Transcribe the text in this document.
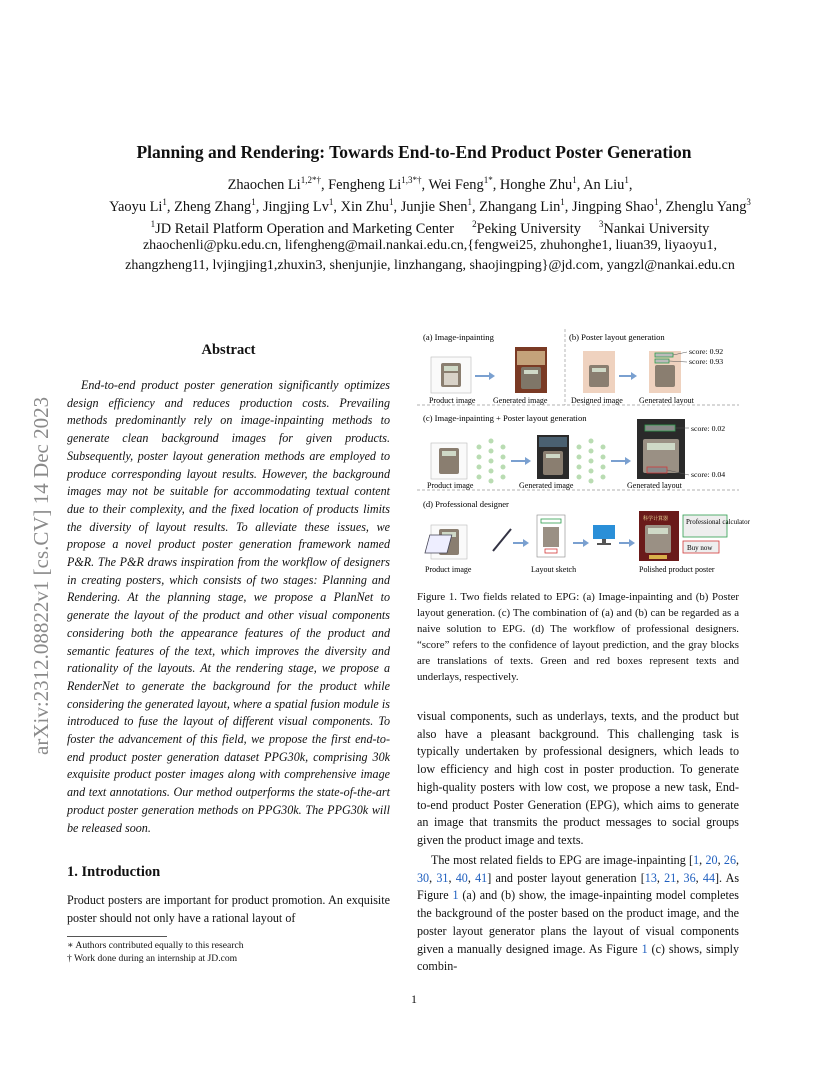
arXiv:2312.08822v1 [cs.CV] 14 Dec 2023
Planning and Rendering: Towards End-to-End Product Poster Generation
Zhaochen $Li^{1,2*\dagger}$, Fengheng $Li^{1,3*\dagger}$, Wei Feng$^{1*}$, Honghe Zhu$^1$, An Liu$^1$,
Yaoyu Li$^1$, Zheng Zhang$^1$, Jingjing Lv$^1$, Xin Zhu$^1$, Junjie Shen$^1$, Zhangang Lin$^1$, Jingping Shao$^1$, Zhenglu Yang$^3$
$^1$JD Retail Platform Operation and Marketing Center $^2$Peking University $^3$Nankai University
zhaochenli@pku.edu.cn, lifengheng@mail.nankai.edu.cn,{fengwei25, zhuhonghe1, liuan39, liyaoyu1,
zhangzheng11, lvjingjing1,zhuxin3, shenjunjie, linzhangang, shaojingping}@jd.com, yangzl@nankai.edu.cn
Abstract
End-to-end product poster generation significantly optimizes design efficiency and reduces production costs. Prevailing methods predominantly rely on image-inpainting methods to generate clean background images for given products. Subsequently, poster layout generation methods are employed to produce corresponding layout results. However, the background images may not be suitable for accommodating textual content due to their complexity, and the fixed location of products limits the diversity of layout results. To alleviate these issues, we propose a novel product poster generation framework named P&R. The P&R draws inspiration from the workflow of designers in creating posters, which consists of two stages: Planning and Rendering. At the planning stage, we propose a PlanNet to generate the layout of the product and other visual components considering both the appearance features of the product and semantic features of the text, which improves the diversity and rationality of the layouts. At the rendering stage, we propose a RenderNet to generate the background for the product while considering the generated layout, where a spatial fusion module is introduced to fuse the layout of different visual components. To foster the advancement of this field, we propose the first end-to-end product poster generation dataset PPG30k, comprising 30k exquisite product poster images along with comprehensive image and text annotations. Our method outperforms the state-of-the-art product poster generation methods on PPG30k. The PPG30k will be released soon.
1. Introduction
Product posters are important for product promotion. An exquisite poster should not only have a rational layout of
∗ Authors contributed equally to this research
† Work done during an internship at JD.com
(a) Image-inpainting
Product image Generated image
(b) Poster layout generation
Designed image
score: 0.92
score: 0.93
Generated layout
(c) Image-inpainting + Poster layout generation
Product image	Generated image
score: 0.02
score: 0.04
Generated layout
(d) Professional designer
Product image	Layout sketch
科学计算器	Professional calculator
Buy now
Polished product poster
Figure 1. Two fields related to EPG: (a) Image-inpainting and (b) Poster layout generation. (c) The combination of (a) and (b) can be regarded as a naive solution to EPG. (d) The workflow of professional designers. “score” refers to the confidence of layout prediction, and the gray blocks are translations of texts. Green and red boxes represent texts and underlays, respectively.
visual components, such as underlays, texts, and the product but also have a pleasant background. This challenging task is typically undertaken by professional designers, which leads to low efficiency and high cost in poster production. To generate high-quality posters with low cost, we propose a new task, End-to-end product Poster Generation (EPG), which aims to generate an image that transmits the product messages to social groups given the product image and texts.
The most related fields to EPG are image-inpainting [1, 20, 26, 30, 31, 40, 41] and poster layout generation [13, 21, 36, 44]. As Figure 1 (a) and (b) show, the image-inpainting model completes the background of the poster based on the product image, and the poster layout generator plans the layout of visual components given a manually designed image. As Figure 1 (c) shows, simply combin-
1
